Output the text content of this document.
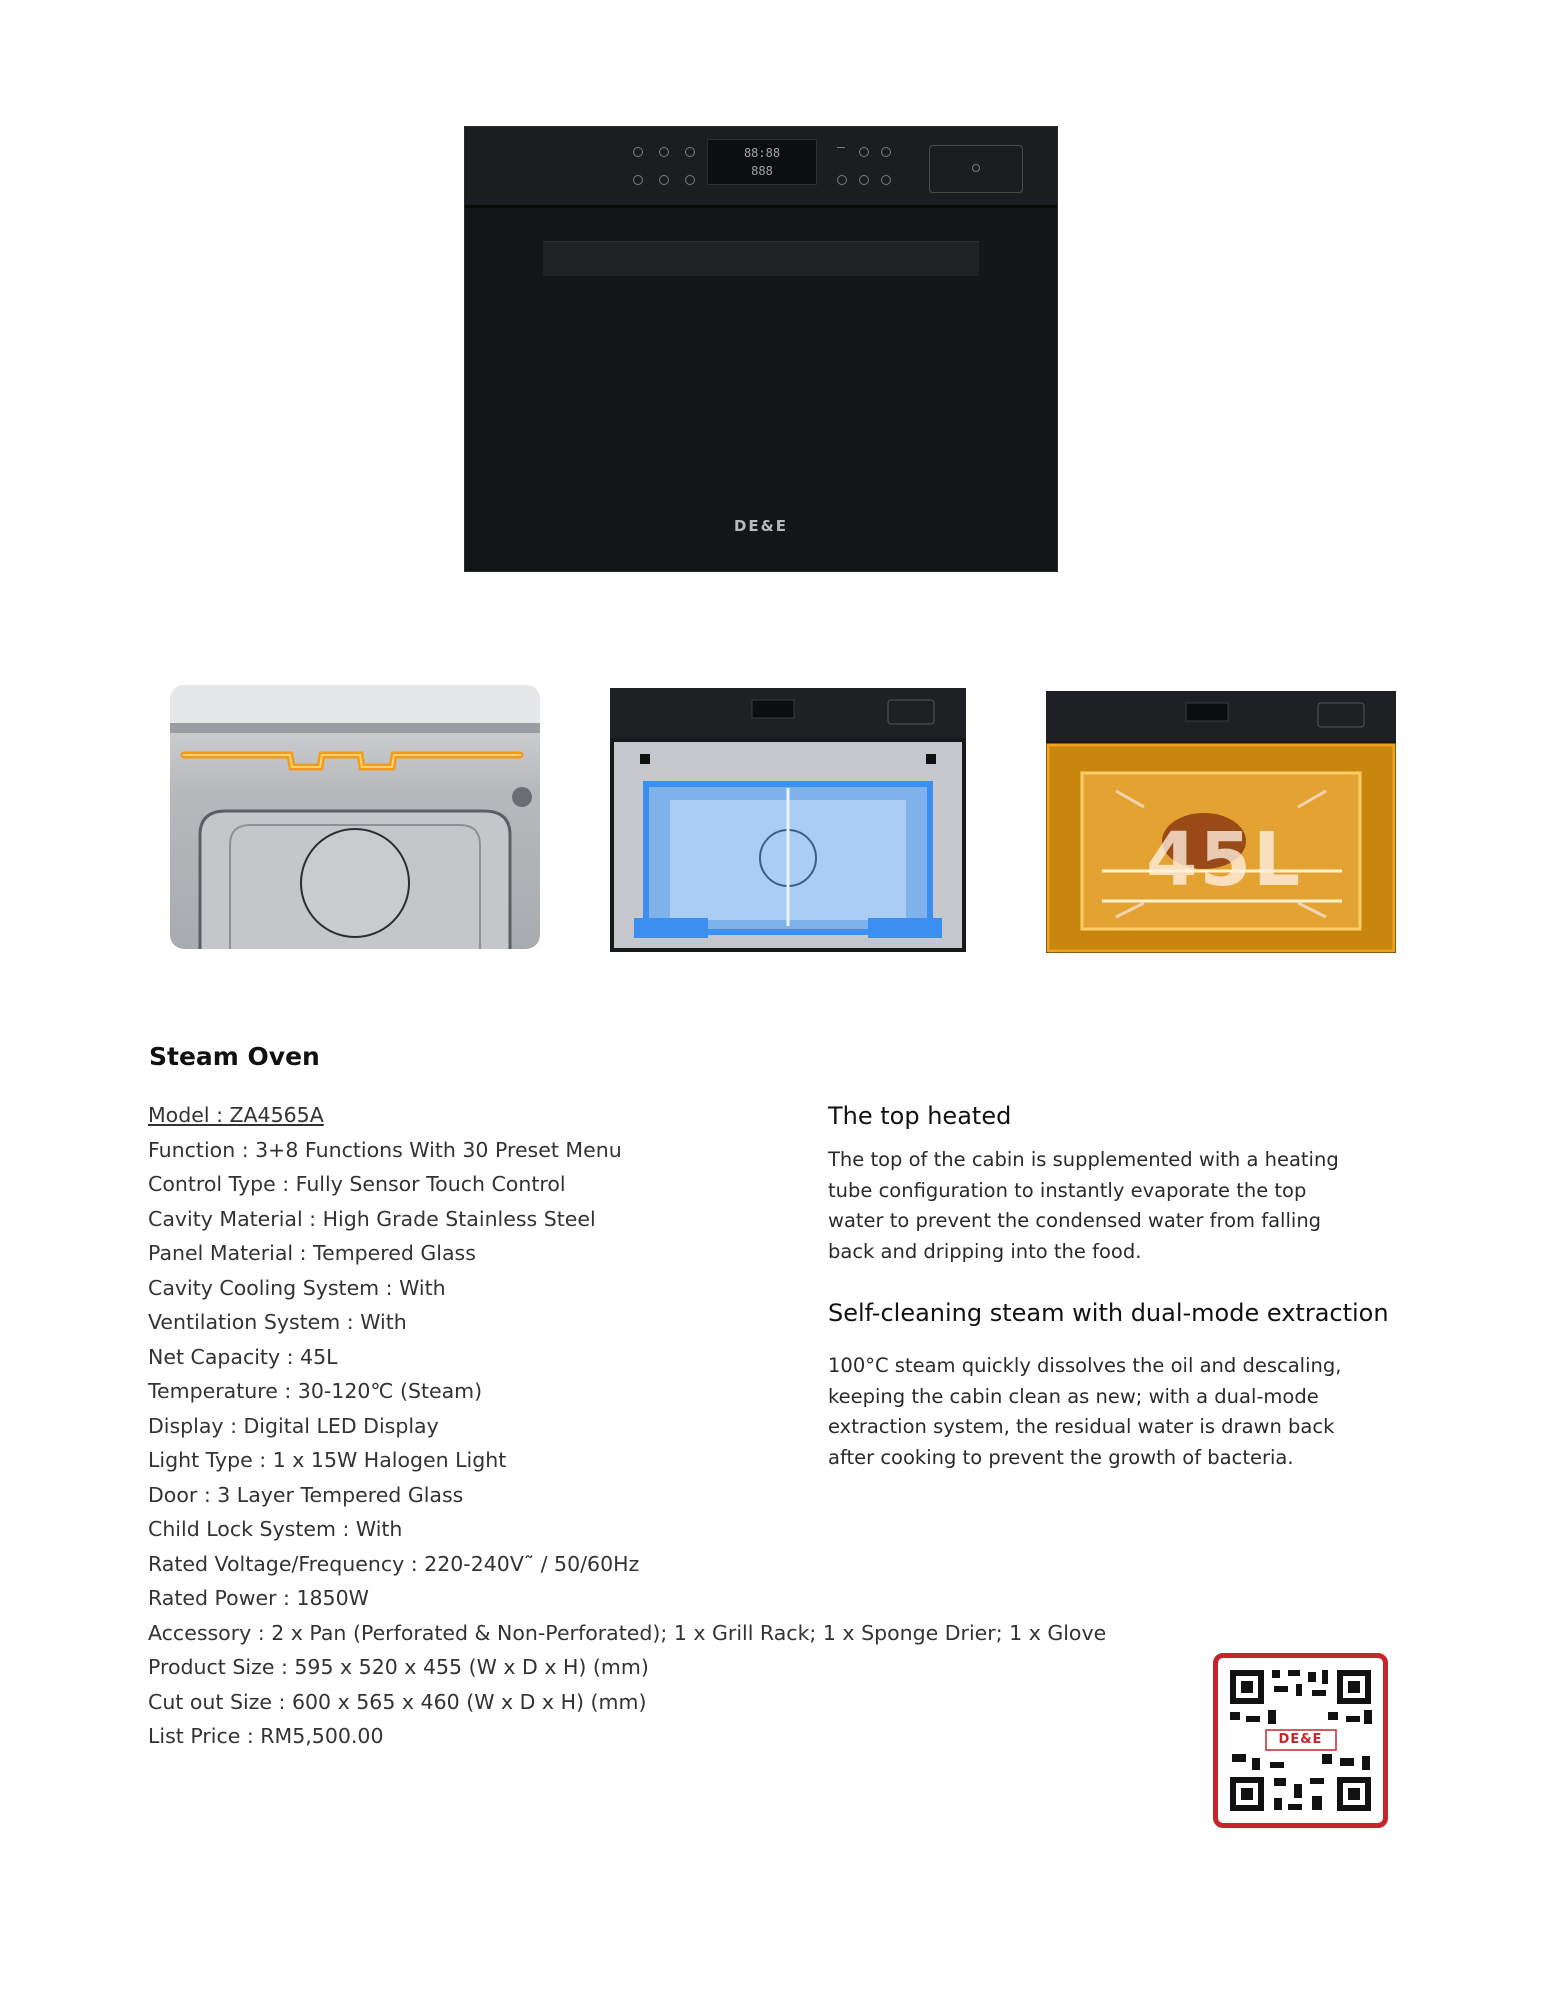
88:88
888
DE&E
45L
Steam Oven
Model : ZA4565A
Function : 3+8 Functions With 30 Preset Menu
Control Type : Fully Sensor Touch Control
Cavity Material : High Grade Stainless Steel
Panel Material : Tempered Glass
Cavity Cooling System : With
Ventilation System : With
Net Capacity : 45L
Temperature : 30-120℃ (Steam)
Display : Digital LED Display
Light Type : 1 x 15W Halogen Light
Door : 3 Layer Tempered Glass
Child Lock System : With
Rated Voltage/Frequency : 220-240V˜ / 50/60Hz
Rated Power : 1850W
Accessory : 2 x Pan (Perforated & Non-Perforated); 1 x Grill Rack; 1 x Sponge Drier; 1 x Glove
Product Size : 595 x 520 x 455 (W x D x H) (mm)
Cut out Size : 600 x 565 x 460 (W x D x H) (mm)
List Price : RM5,500.00
The top heated
The top of the cabin is supplemented with a heating tube configuration to instantly evaporate the top water to prevent the condensed water from falling back and dripping into the food.
Self-cleaning steam with dual-mode extraction
100°C steam quickly dissolves the oil and descaling, keeping the cabin clean as new; with a dual-mode extraction system, the residual water is drawn back after cooking to prevent the growth of bacteria.
DE&E
